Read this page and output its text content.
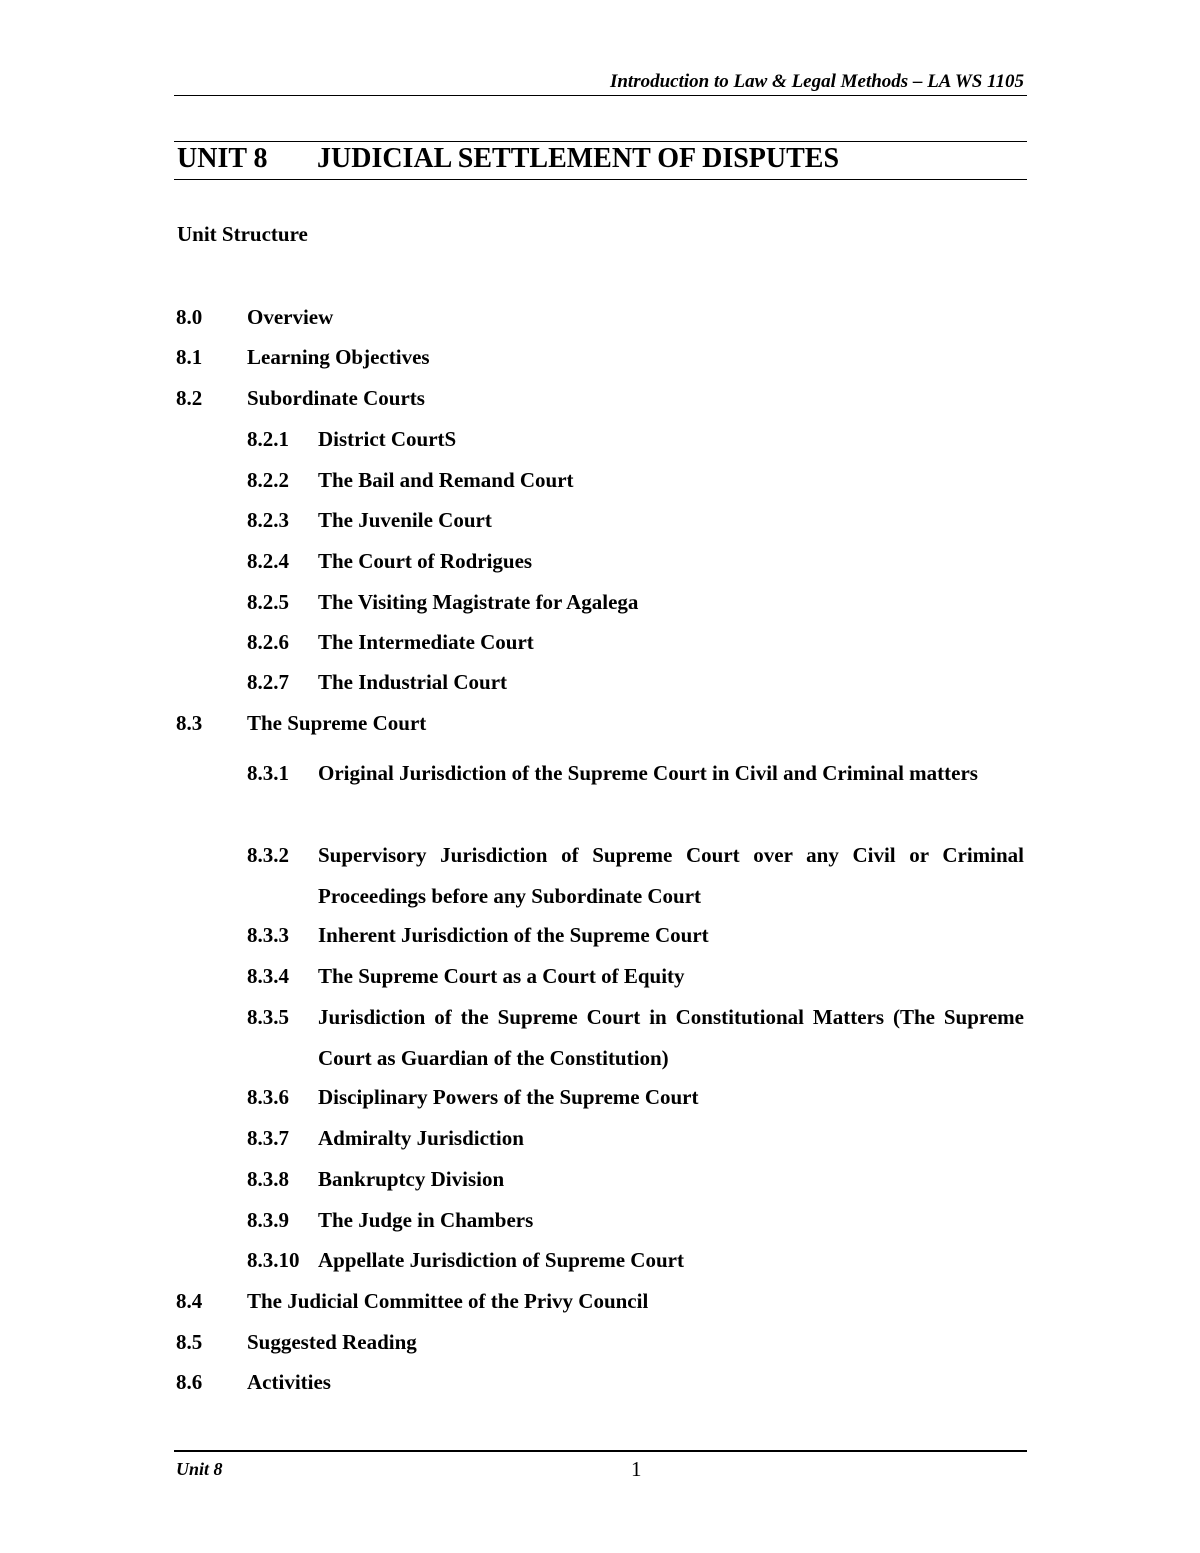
Introduction to Law & Legal Methods – LA WS 1105
UNIT 8 JUDICIAL SETTLEMENT OF DISPUTES
Unit Structure
8.0 Overview
8.1 Learning Objectives
8.2 Subordinate Courts
8.2.1 District CourtS
8.2.2 The Bail and Remand Court
8.2.3 The Juvenile Court
8.2.4 The Court of Rodrigues
8.2.5 The Visiting Magistrate for Agalega
8.2.6 The Intermediate Court
8.2.7 The Industrial Court
8.3 The Supreme Court
8.3.1 Original Jurisdiction of the Supreme Court in Civil and Criminal matters
8.3.2 Supervisory Jurisdiction of Supreme Court over any Civil or Criminal Proceedings before any Subordinate Court
8.3.3 Inherent Jurisdiction of the Supreme Court
8.3.4 The Supreme Court as a Court of Equity
8.3.5 Jurisdiction of the Supreme Court in Constitutional Matters (The Supreme Court as Guardian of the Constitution)
8.3.6 Disciplinary Powers of the Supreme Court
8.3.7 Admiralty Jurisdiction
8.3.8 Bankruptcy Division
8.3.9 The Judge in Chambers
8.3.10 Appellate Jurisdiction of Supreme Court
8.4 The Judicial Committee of the Privy Council
8.5 Suggested Reading
8.6 Activities
Unit 8	1
